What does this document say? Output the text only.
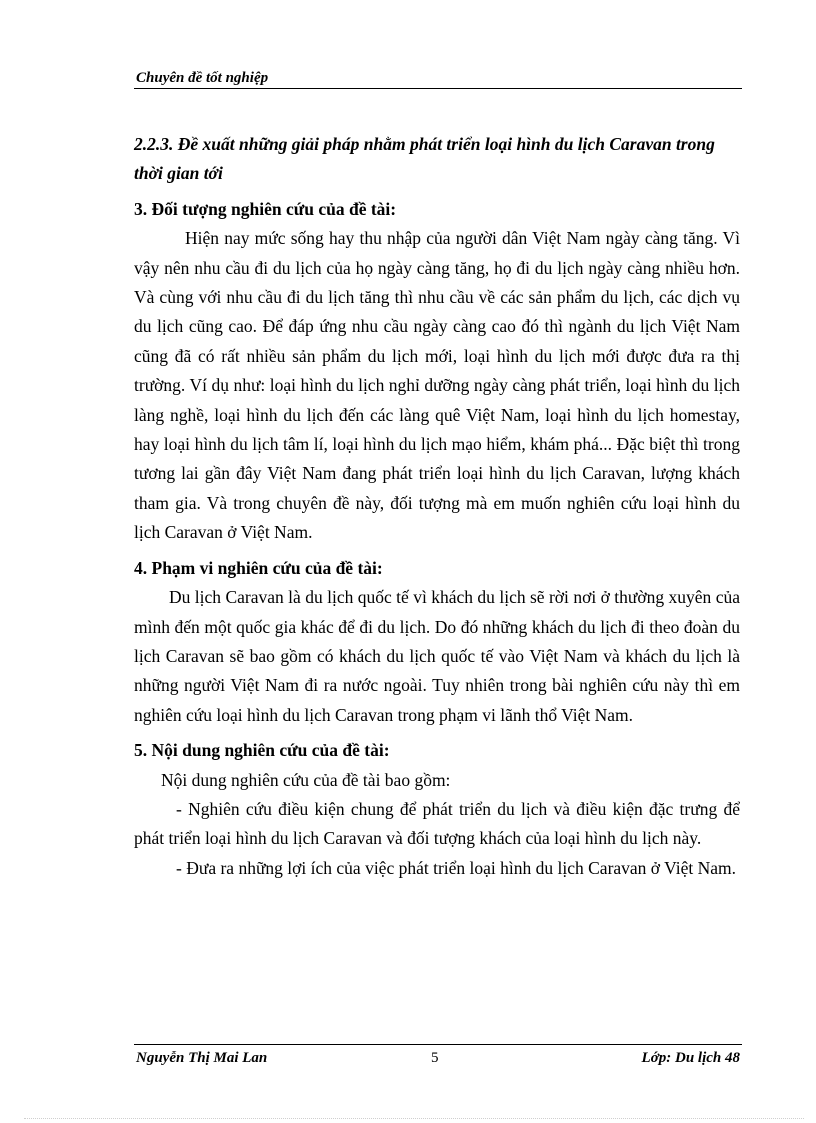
Chuyên đề tốt nghiệp

2.2.3. Đề xuất những giải pháp nhằm phát triển loại hình du lịch Caravan trong thời gian tới

3. Đối tượng nghiên cứu của đề tài:

Hiện nay mức sống hay thu nhập của người dân Việt Nam ngày càng tăng. Vì vậy nên nhu cầu đi du lịch của họ ngày càng tăng, họ đi du lịch ngày càng nhiều hơn. Và cùng với nhu cầu đi du lịch tăng thì nhu cầu về các sản phẩm du lịch, các dịch vụ du lịch cũng cao. Để đáp ứng nhu cầu ngày càng cao đó thì ngành du lịch Việt Nam cũng đã có rất nhiều sản phẩm du lịch mới, loại hình du lịch mới được đưa ra thị trường. Ví dụ như: loại hình du lịch nghỉ dưỡng ngày càng phát triển, loại hình du lịch làng nghề, loại hình du lịch đến các làng quê Việt Nam, loại hình du lịch homestay, hay loại hình du lịch tâm lí, loại hình du lịch mạo hiểm, khám phá... Đặc biệt thì trong tương lai gần đây Việt Nam đang phát triển loại hình du lịch Caravan, lượng khách tham gia. Và trong chuyên đề này, đối tượng mà em muốn nghiên cứu loại hình du lịch Caravan ở Việt Nam.

4. Phạm vi nghiên cứu của đề tài:

Du lịch Caravan là du lịch quốc tế vì khách du lịch sẽ rời nơi ở thường xuyên của mình đến một quốc gia khác để đi du lịch. Do đó những khách du lịch đi theo đoàn du lịch Caravan sẽ bao gồm có khách du lịch quốc tế vào Việt Nam và khách du lịch là những người Việt Nam đi ra nước ngoài. Tuy nhiên trong bài nghiên cứu này thì em nghiên cứu loại hình du lịch Caravan trong phạm vi lãnh thổ Việt Nam.

5. Nội dung nghiên cứu của đề tài:

Nội dung nghiên cứu của đề tài bao gồm:

- Nghiên cứu điều kiện chung để phát triển du lịch và điều kiện đặc trưng để phát triển loại hình du lịch Caravan và đối tượng khách của loại hình du lịch này.

- Đưa ra những lợi ích của việc phát triển loại hình du lịch Caravan ở Việt Nam.

Nguyễn Thị Mai Lan	5	Lớp: Du lịch 48
